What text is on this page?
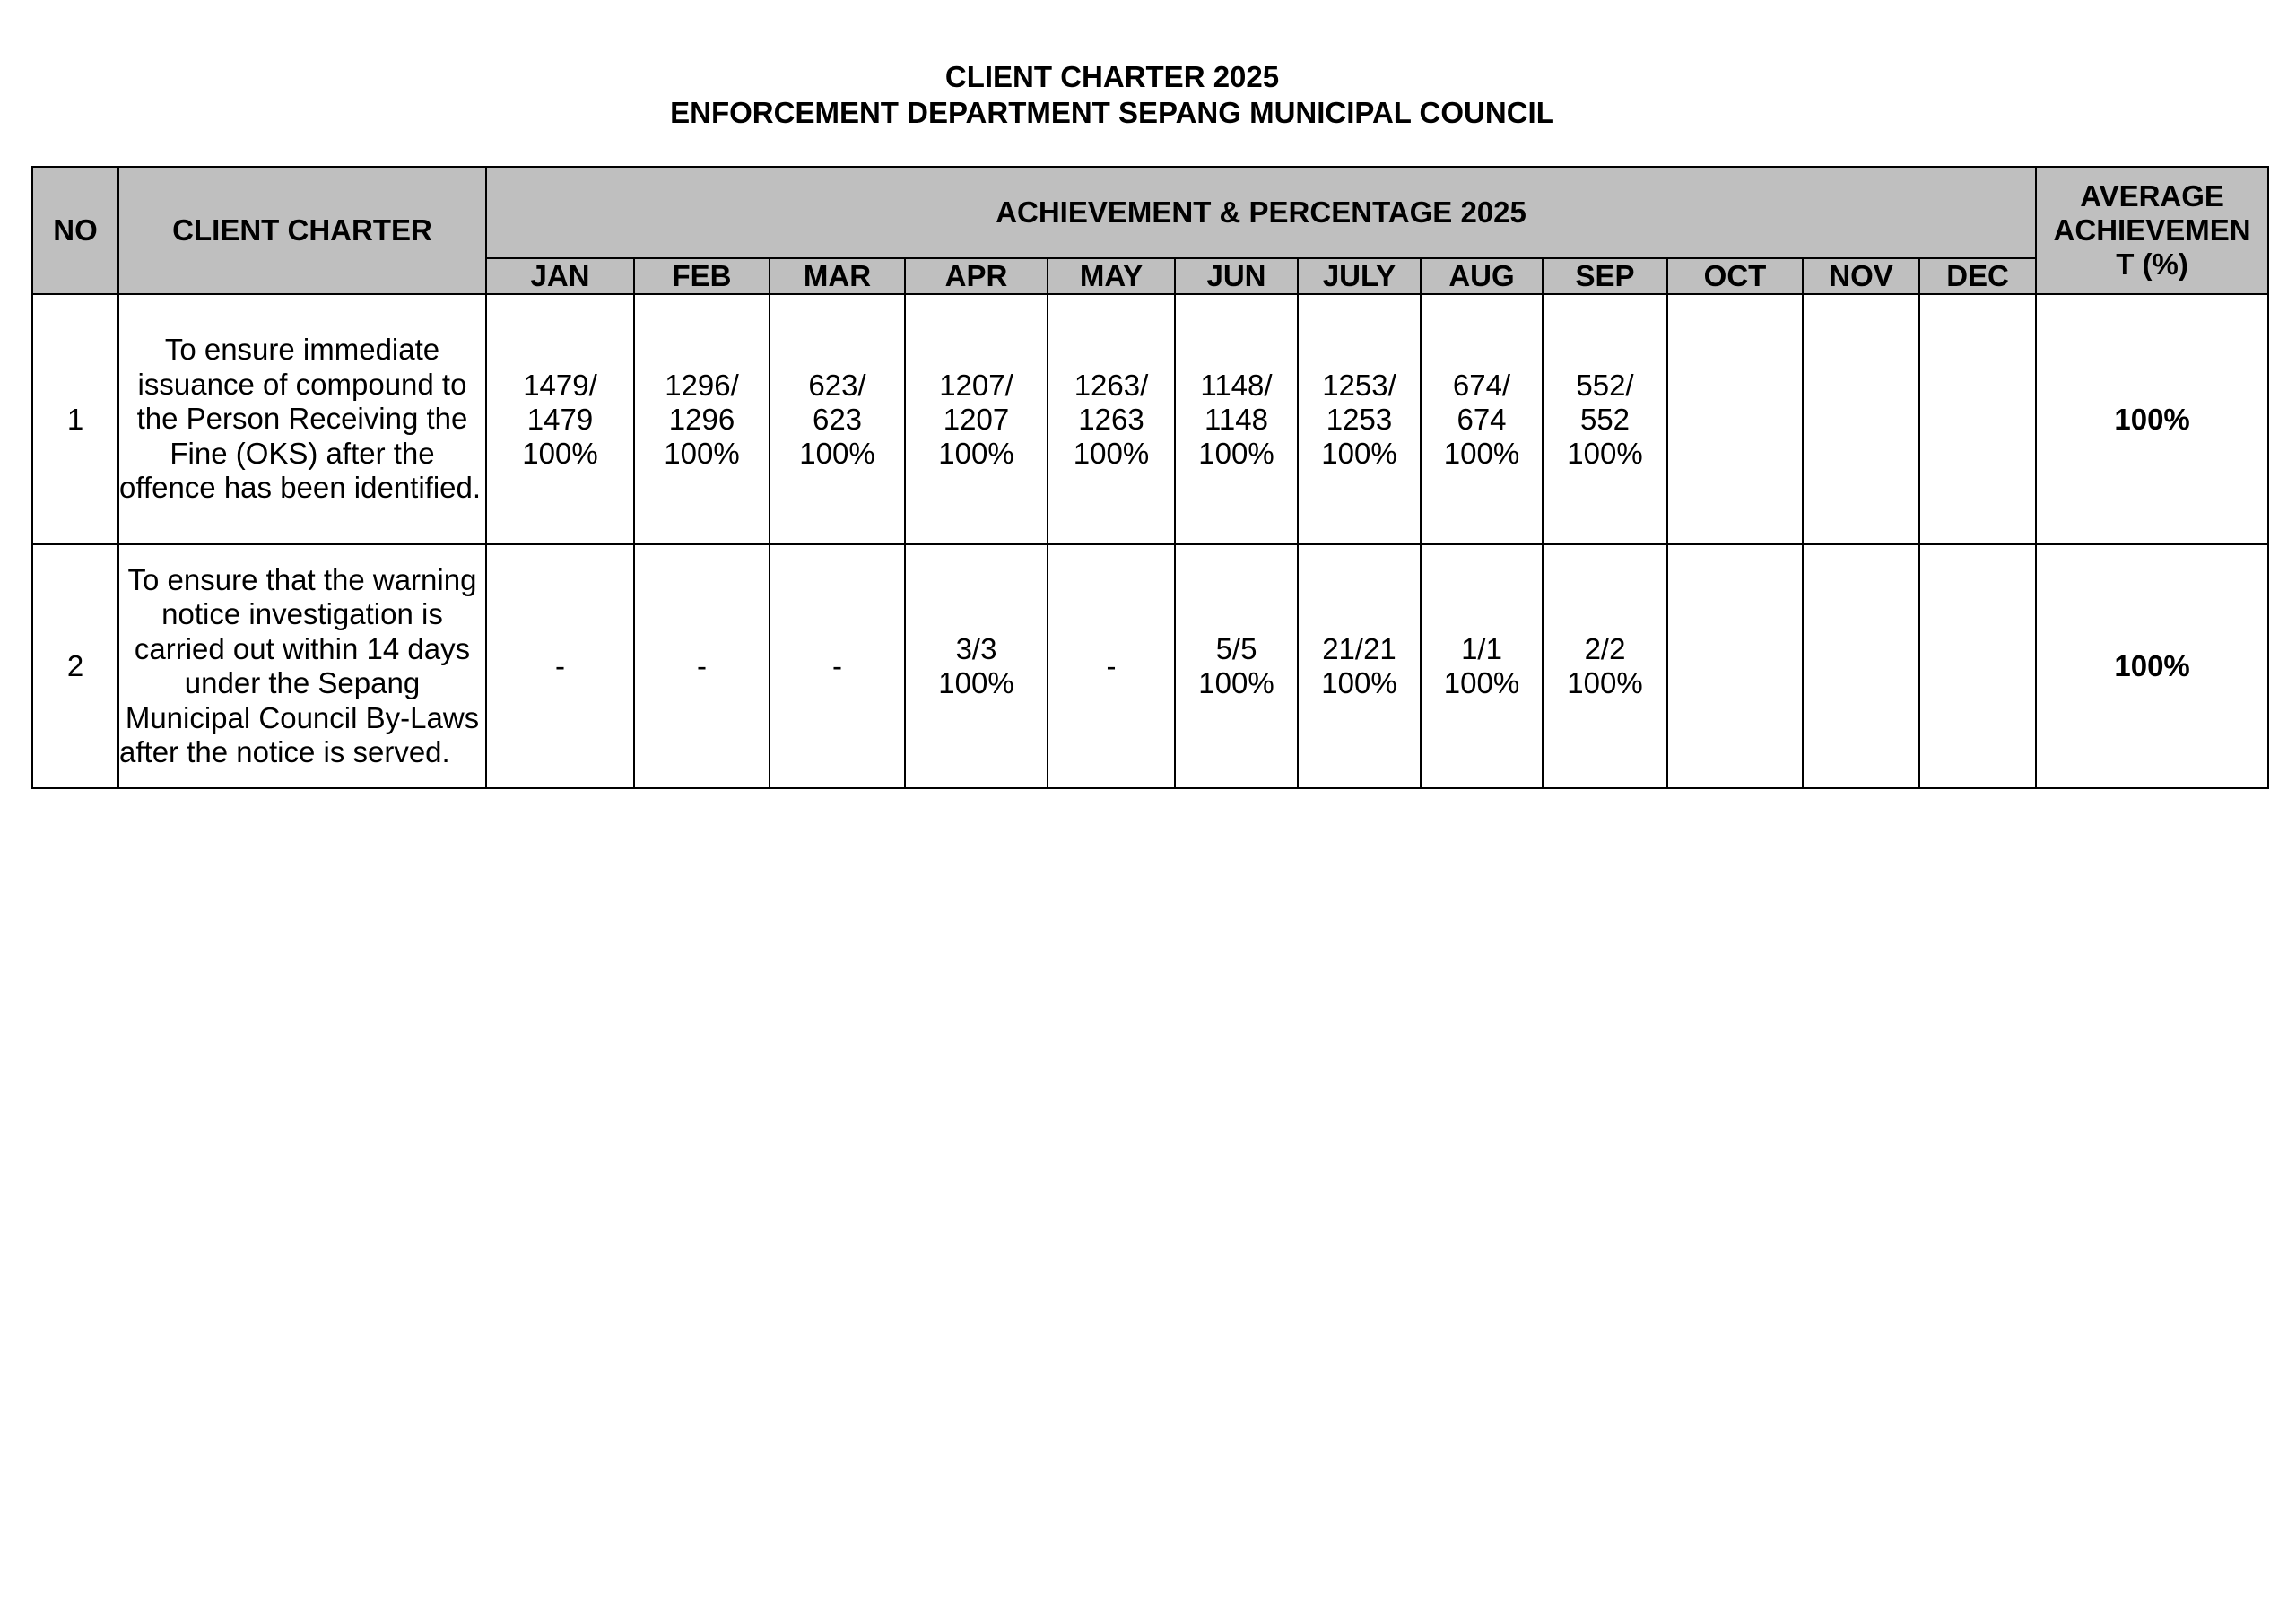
CLIENT CHARTER 2025
ENFORCEMENT DEPARTMENT SEPANG MUNICIPAL COUNCIL
NO	CLIENT CHARTER	ACHIEVEMENT & PERCENTAGE 2025												AVERAGE
ACHIEVEMEN
T (%)

		JAN	FEB	MAR	APR	MAY	JUN	JULY	AUG	SEP	OCT	NOV	DEC	
1	To ensure immediate issuance of compound to the Person Receiving the Fine (OKS) after the offence has been identified.	1479/
1479
100%	1296/
1296
100%	623/
623
100%	1207/
1207
100%	1263/
1263
100%	1148/
1148
100%	1253/
1253
100%	674/
674
100%	552/
552
100%				100%
2	To ensure that the warning notice investigation is carried out within 14 days under the Sepang Municipal Council By-Laws after the notice is served.	-	-	-	3/3
100%	-	5/5
100%	21/21
100%	1/1
100%	2/2
100%				100%
